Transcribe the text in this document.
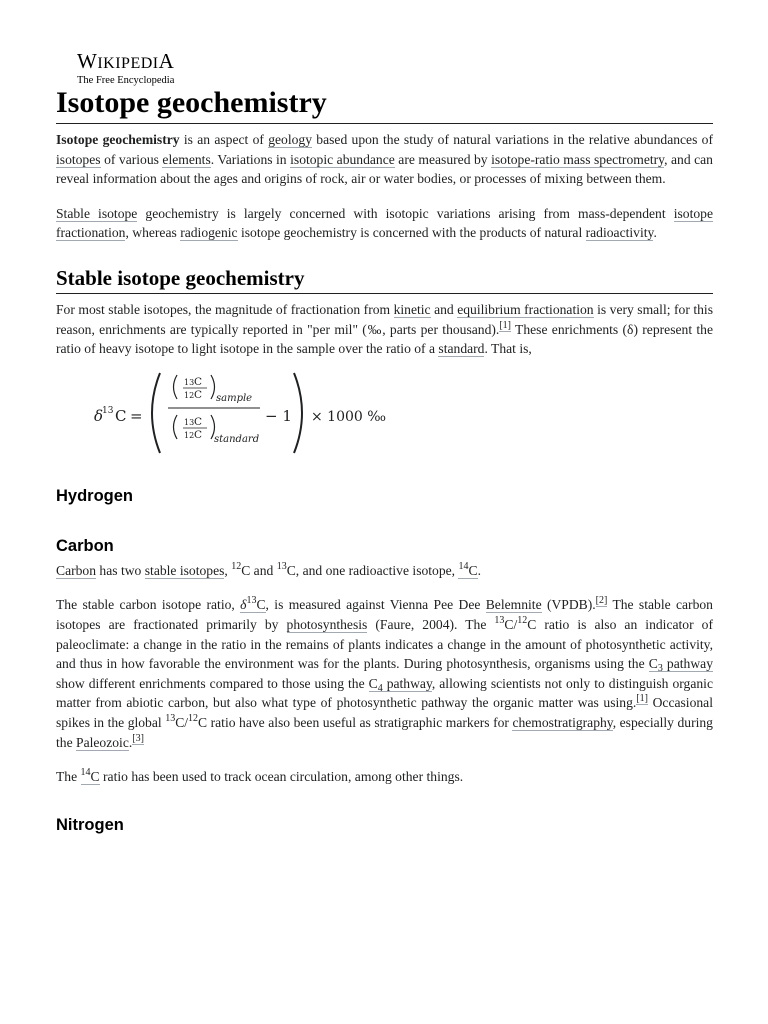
WIKIPEDIA
The Free Encyclopedia
Isotope geochemistry

Isotope geochemistry is an aspect of geology based upon the study of natural variations in the relative abundances of isotopes of various elements. Variations in isotopic abundance are measured by isotope-ratio mass spectrometry, and can reveal information about the ages and origins of rock, air or water bodies, or processes of mixing between them.

Stable isotope geochemistry is largely concerned with isotopic variations arising from mass-dependent isotope fractionation, whereas radiogenic isotope geochemistry is concerned with the products of natural radioactivity.

Stable isotope geochemistry

For most stable isotopes, the magnitude of fractionation from kinetic and equilibrium fractionation is very small; for this reason, enrichments are typically reported in "per mil" (‰, parts per thousand).[1] These enrichments (δ) represent the ratio of heavy isotope to light isotope in the sample over the ratio of a standard. That is,

δ
13 C =
13 C
12 C sample
13 C
12 C standard
− 1 × 1000 ‰
Hydrogen
Carbon

Carbon has two stable isotopes, $^{12}$C and $^{13}$C, and one radioactive isotope, $^{14}$C.

The stable carbon isotope ratio, $\delta^{13}C$, is measured against Vienna Pee Dee Belemnite (VPDB).[2] The stable carbon isotopes are fractionated primarily by photosynthesis (Faure, 2004). The $^{13}$C/$^{12}$C ratio is also an indicator of paleoclimate: a change in the ratio in the remains of plants indicates a change in the amount of photosynthetic activity, and thus in how favorable the environment was for the plants. During photosynthesis, organisms using the $C_3$ pathway show different enrichments compared to those using the $C_4$ pathway, allowing scientists not only to distinguish organic matter from abiotic carbon, but also what type of photosynthetic pathway the organic matter was using.[1] Occasional spikes in the global $^{13}$C/$^{12}$C ratio have also been useful as stratigraphic markers for chemostratigraphy, especially during the Paleozoic.[3]

The $^{14}$C ratio has been used to track ocean circulation, among other things.

Nitrogen
